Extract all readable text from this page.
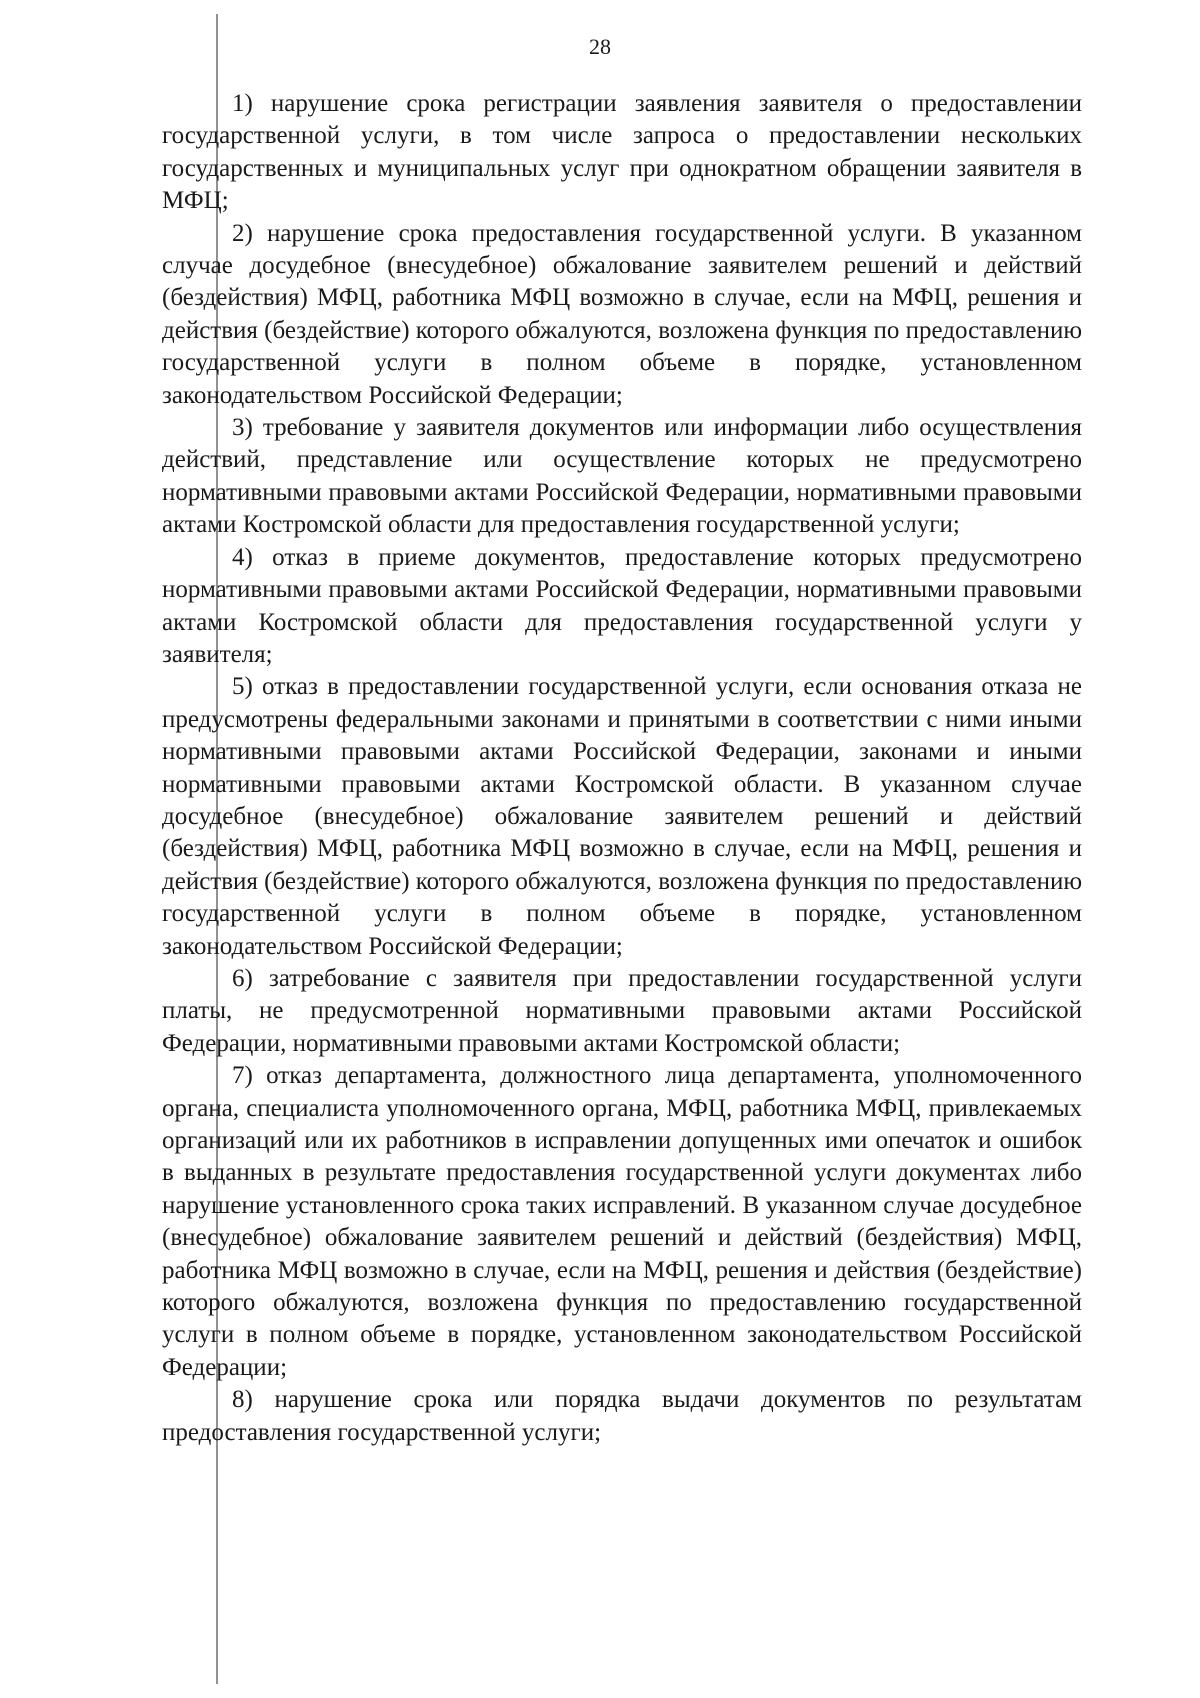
28

1) нарушение срока регистрации заявления заявителя о предоставлении государственной услуги, в том числе запроса о предоставлении нескольких государственных и муниципальных услуг при однократном обращении заявителя в МФЦ;

2) нарушение срока предоставления государственной услуги. В указанном случае досудебное (внесудебное) обжалование заявителем решений и действий (бездействия) МФЦ, работника МФЦ возможно в случае, если на МФЦ, решения и действия (бездействие) которого обжалуются, возложена функция по предоставлению государственной услуги в полном объеме в порядке, установленном законодательством Российской Федерации;

3) требование у заявителя документов или информации либо осуществления действий, представление или осуществление которых не предусмотрено нормативными правовыми актами Российской Федерации, нормативными правовыми актами Костромской области для предоставления государственной услуги;

4) отказ в приеме документов, предоставление которых предусмотрено нормативными правовыми актами Российской Федерации, нормативными правовыми актами Костромской области для предоставления государственной услуги у заявителя;

5) отказ в предоставлении государственной услуги, если основания отказа не предусмотрены федеральными законами и принятыми в соответствии с ними иными нормативными правовыми актами Российской Федерации, законами и иными нормативными правовыми актами Костромской области. В указанном случае досудебное (внесудебное) обжалование заявителем решений и действий (бездействия) МФЦ, работника МФЦ возможно в случае, если на МФЦ, решения и действия (бездействие) которого обжалуются, возложена функция по предоставлению государственной услуги в полном объеме в порядке, установленном законодательством Российской Федерации;

6) затребование с заявителя при предоставлении государственной услуги платы, не предусмотренной нормативными правовыми актами Российской Федерации, нормативными правовыми актами Костромской области;

7) отказ департамента, должностного лица департамента, уполномоченного органа, специалиста уполномоченного органа, МФЦ, работника МФЦ, привлекаемых организаций или их работников в исправлении допущенных ими опечаток и ошибок в выданных в результате предоставления государственной услуги документах либо нарушение установленного срока таких исправлений. В указанном случае досудебное (внесудебное) обжалование заявителем решений и действий (бездействия) МФЦ, работника МФЦ возможно в случае, если на МФЦ, решения и действия (бездействие) которого обжалуются, возложена функция по предоставлению государственной услуги в полном объеме в порядке, установленном законодательством Российской Федерации;

8) нарушение срока или порядка выдачи документов по результатам предоставления государственной услуги;
